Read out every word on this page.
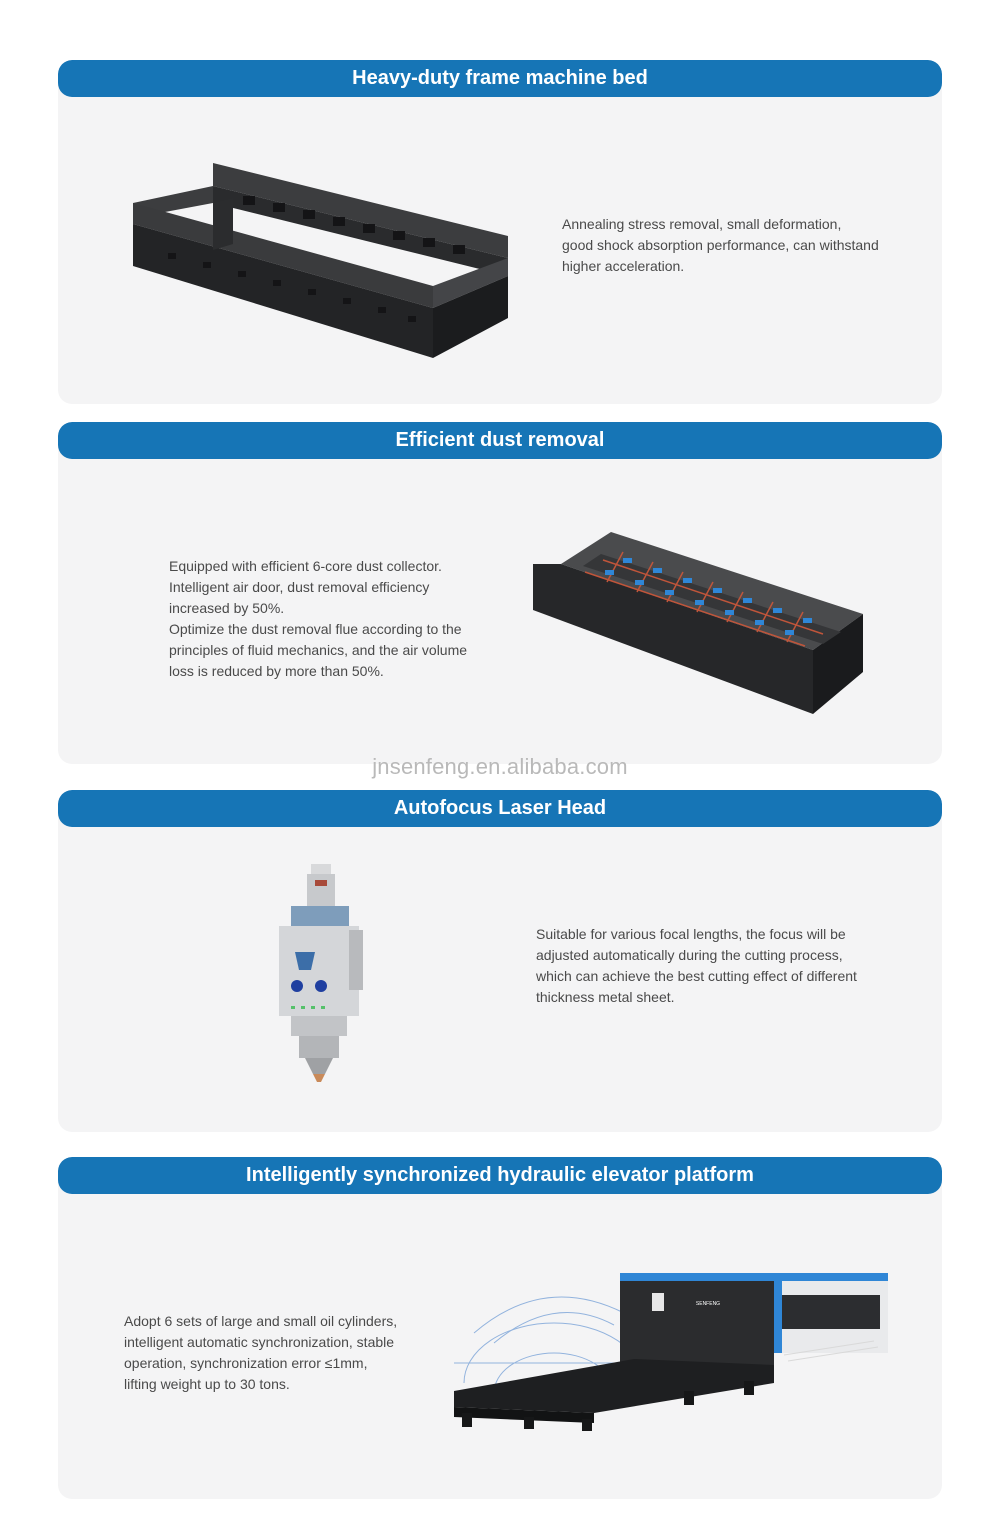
Heavy-duty frame machine bed

Annealing stress removal, small deformation,

good shock absorption performance, can withstand

higher acceleration.

Efficient dust removal

Equipped with efficient 6-core dust collector.

Intelligent air door, dust removal efficiency

increased by 50%.

Optimize the dust removal flue according to the

principles of fluid mechanics, and the air volume

loss is reduced by more than 50%.

jnsenfeng.en.alibaba.com
Autofocus Laser Head

Suitable for various focal lengths, the focus will be

adjusted automatically during the cutting process,

which can achieve the best cutting effect of different

thickness metal sheet.

Intelligently synchronized hydraulic elevator platform

Adopt 6 sets of large and small oil cylinders,

intelligent automatic synchronization, stable

operation, synchronization error ≤1mm,

lifting weight up to 30 tons.

SENFENG
